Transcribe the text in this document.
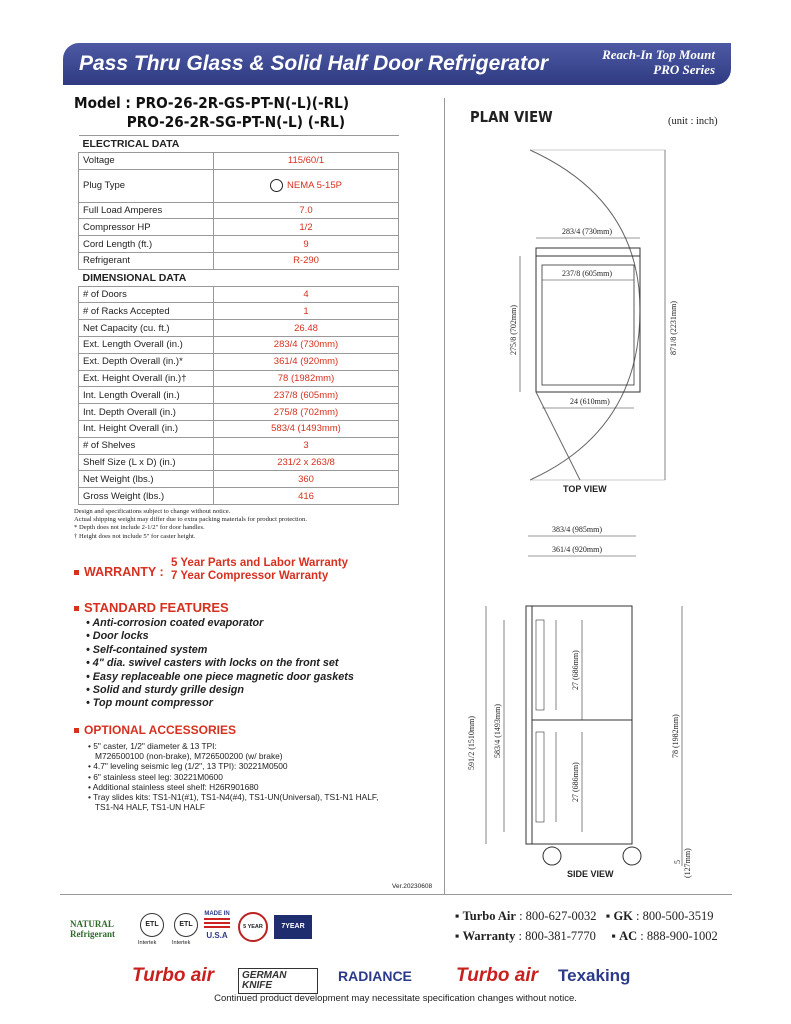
Pass Thru Glass & Solid Half Door Refrigerator	Reach-In Top Mount
PRO Series
Model : PRO-26-2R-GS-PT-N(-L)(-RL)
PRO-26-2R-SG-PT-N(-L) (-RL)
ELECTRICAL DATA	
Voltage	115/60/1
Plug Type	NEMA 5-15P
Full Load Amperes	7.0
Compressor HP	1/2
Cord Length (ft.)	9
Refrigerant	R-290
DIMENSIONAL DATA	
# of Doors	4
# of Racks Accepted	1
Net Capacity (cu. ft.)	26.48
Ext. Length Overall (in.)	283/4 (730mm)
Ext. Depth Overall (in.)*	361/4 (920mm)
Ext. Height Overall (in.)†	78 (1982mm)
Int. Length Overall (in.)	237/8 (605mm)
Int. Depth Overall (in.)	275/8 (702mm)
Int. Height Overall (in.)	583/4 (1493mm)
# of Shelves	3
Shelf Size (L x D) (in.)	231/2 x 263/8
Net Weight (lbs.)	360
Gross Weight (lbs.)	416
Design and specifications subject to change without notice.
Actual shipping weight may differ due to extra packing materials for product protection.
* Depth does not include 2-1/2" for door handles.
† Height does not include 5" for caster height.
WARRANTY :
5 Year Parts and Labor Warranty
7 Year Compressor Warranty
STANDARD FEATURES
• Anti-corrosion coated evaporator
• Door locks
• Self-contained system
• 4" dia. swivel casters with locks on the front set
• Easy replaceable one piece magnetic door gaskets
• Solid and sturdy grille design
• Top mount compressor
OPTIONAL ACCESSORIES
• 5" caster, 1/2" diameter & 13 TPI:
M726500100 (non-brake), M726500200 (w/ brake)
• 4.7" leveling seismic leg (1/2", 13 TPI): 30221M0500
• 6" stainless steel leg: 30221M0600
• Additional stainless steel shelf: H26R901680
• Tray slides kits: TS1-N1(#1), TS1-N4(#4), TS1-UN(Universal), TS1-N1 HALF,
TS1-N4 HALF, TS1-UN HALF
Ver.20230608
PLAN VIEW	(unit : inch)
283/4 (730mm)
237/8 (605mm)
275/8 (702mm)	871/8 (2231mm)
24 (610mm)
TOP VIEW
383/4 (985mm)
361/4 (920mm)
27 (686mm)
27 (686mm)
591/2 (1510mm) 583/4 (1493mm)	78 (1982mm)
5 (127mm)
SIDE VIEW
NATURAL
Refrigerant
ETL
Intertek
ETL
Intertek
MADE IN
U.S.A
5 YEAR	7YEAR
▪ Turbo Air : 800-627-0032   ▪ GK : 800-500-3519
▪ Warranty : 800-381-7770     ▪ AC : 888-900-1002
Turbo air	GERMAN KNIFE
RADIANCE Turbo air Texaking
Continued product development may necessitate specification changes without notice.
